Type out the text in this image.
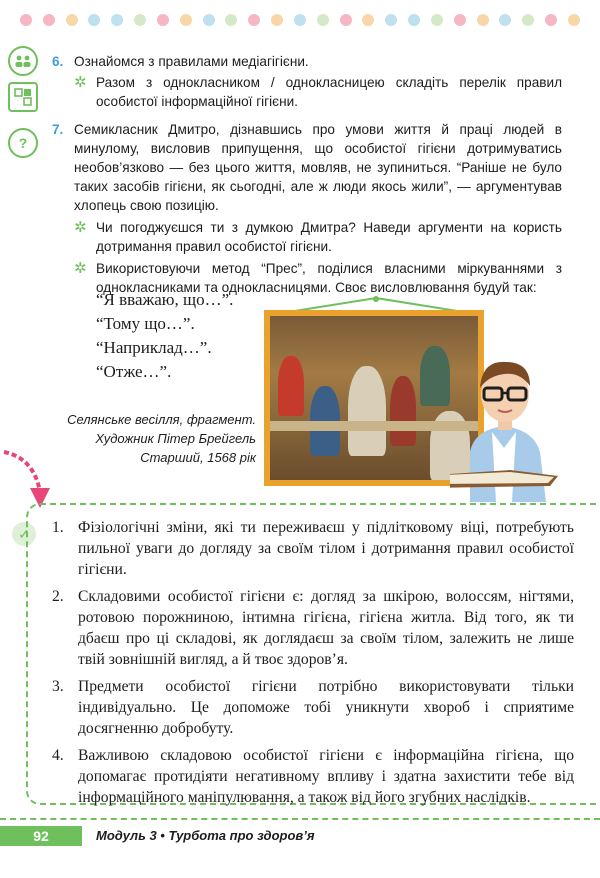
?
6. Ознайомся з правилами медіагігієни.
✲ Разом з однокласником / однокласницею складіть перелік правил особистої інформаційної гігієни.
7. Семикласник Дмитро, дізнавшись про умови життя й праці людей в минулому, висловив припущення, що особистої гігієни дотримуватись необов’язково — без цього життя, мовляв, не зупиниться. “Раніше не було таких засобів гігієни, як сьогодні, але ж люди якось жили”, — аргументував хлопець свою позицію.
✲ Чи погоджуєшся ти з думкою Дмитра? Наведи аргументи на користь дотримання правил особистої гігієни.
✲ Використовуючи метод “Прес”, поділися власними міркуваннями з однокласниками та однокласницями. Своє висловлювання будуй так:
“Я вважаю, що…”.
“Тому що…”.
“Наприклад…”.
“Отже…”.
Селянське весілля, фрагмент.
Художник Пітер Брейгель
Старший, 1568 рік
✓	1. Фізіологічні зміни, які ти переживаєш у підлітковому віці, потребують пильної уваги до догляду за своїм тілом і дотримання правил особистої гігієни.
2. Складовими особистої гігієни є: догляд за шкірою, волоссям, нігтями, ротовою порожниною, інтимна гігієна, гігієна житла. Від того, як ти дбаєш про ці складові, як доглядаєш за своїм тілом, залежить не лише твій зовнішній вигляд, а й твоє здоров’я.
3. Предмети особистої гігієни потрібно використовувати тільки індивідуально. Це допоможе тобі уникнути хвороб і сприятиме досягненню добробуту.
4. Важливою складовою особистої гігієни є інформаційна гігієна, що допомагає протидіяти негативному впливу і здатна захистити тебе від інформаційного маніпулювання, а також від його згубних наслідків.
92	Модуль 3 • Турбота про здоров’я
